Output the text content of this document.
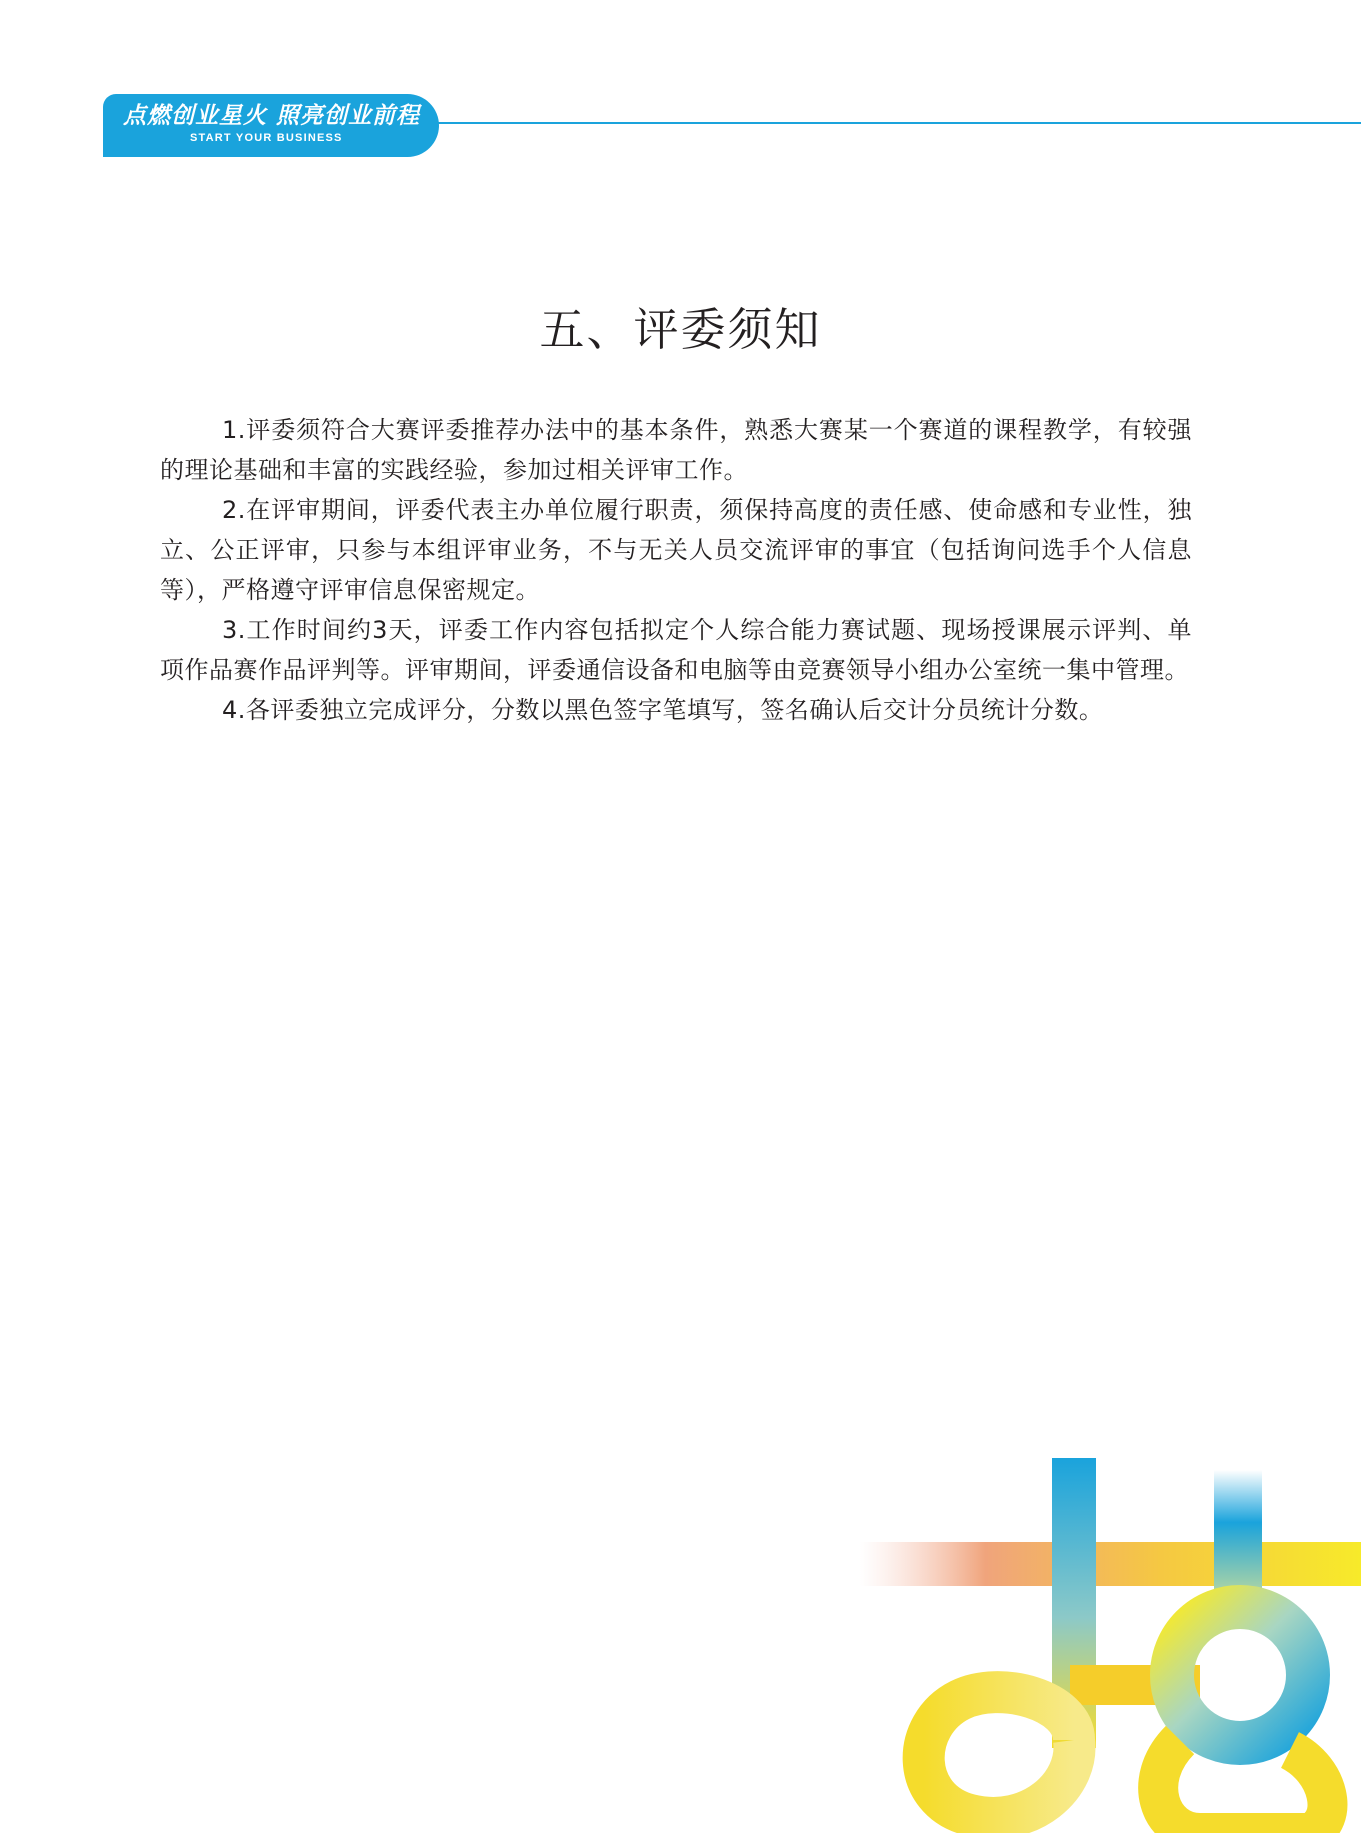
点燃创业星火 照亮创业前程
START YOUR BUSINESS
五、评委须知

1.评委须符合大赛评委推荐办法中的基本条件，熟悉大赛某一个赛道的课程教学，有较强的理论基础和丰富的实践经验，参加过相关评审工作。

2.在评审期间，评委代表主办单位履行职责，须保持高度的责任感、使命感和专业性，独立、公正评审，只参与本组评审业务，不与无关人员交流评审的事宜（包括询问选手个人信息等），严格遵守评审信息保密规定。

3.工作时间约3天，评委工作内容包括拟定个人综合能力赛试题、现场授课展示评判、单项作品赛作品评判等。评审期间，评委通信设备和电脑等由竞赛领导小组办公室统一集中管理。

4.各评委独立完成评分，分数以黑色签字笔填写，签名确认后交计分员统计分数。
